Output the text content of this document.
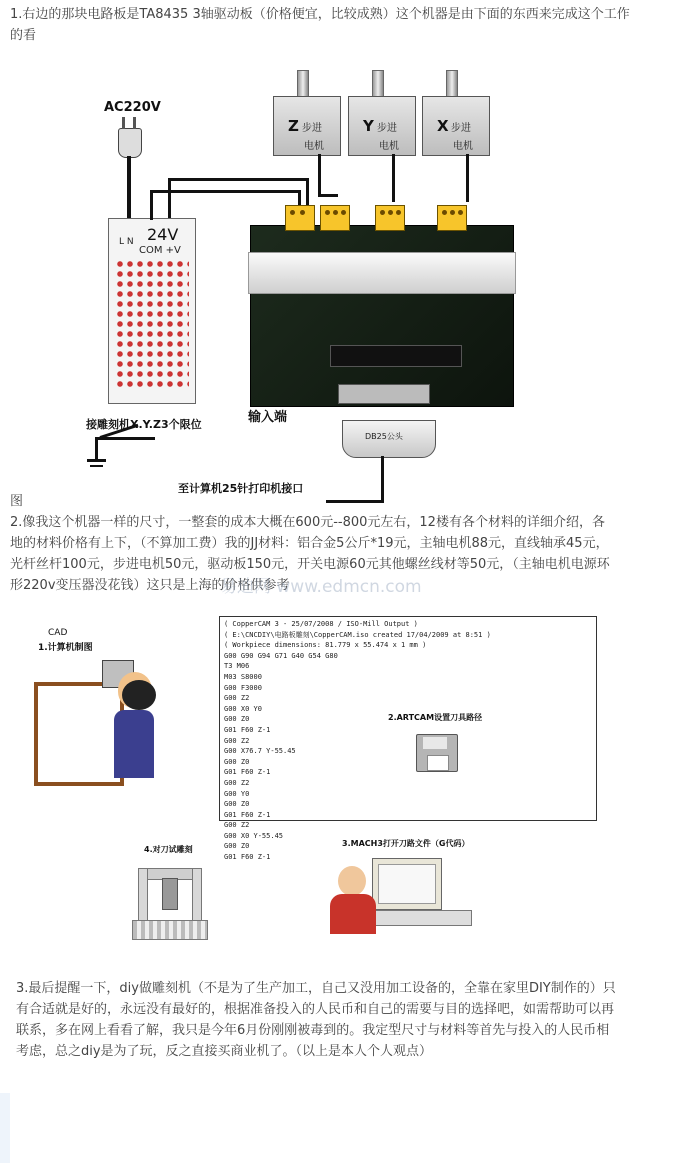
1.右边的那块电路板是TA8435 3轴驱动板（价格便宜，比较成熟）这个机器是由下面的东西来完成这个工作的看
AC220V
L N 24V
COM +V
Z 步进
电机
Y 步进
电机
X 步进
电机
输入端
接雕刻机X.Y.Z3个限位
DB25公头
至计算机25针打印机接口
图
2.像我这个机器一样的尺寸，一整套的成本大概在600元--800元左右，12楼有各个材料的详细介绍，各地的材料价格有上下，（不算加工费）我的JJ材料：铝合金5公斤*19元，主轴电机88元，直线轴承45元，光杆丝杆100元，步进电机50元，驱动板150元，开关电源60元其他螺丝线材等50元，（主轴电机电源环形220v变压器没花钱）这只是上海的价格供参考
易迪网 www.edmcn.com
CAD
1.计算机制图
( CopperCAM 3 - 25/07/2008 / ISO-Mill Output )
( E:\CNCDIY\电路板雕刻\CopperCAM.iso created 17/04/2009 at 8:51 )
( Workpiece dimensions: 81.779 x 55.474 x 1 mm )
G00 G90 G94 G71 G40 G54 G80
T3 M06
M03 S8000
G00 F3000
G00 Z2
G00 X0 Y0
G00 Z0
G01 F60 Z-1
G00 Z2
G00 X76.7 Y-55.45
G00 Z0
G01 F60 Z-1
G00 Z2
G00 Y0
G00 Z0
G01 F60 Z-1
G00 Z2
G00 X0 Y-55.45
G00 Z0
G01 F60 Z-1
2.ARTCAM设置刀具路径
3.MACH3打开刀路文件（G代码）
4.对刀试雕刻
3.最后提醒一下，diy做雕刻机（不是为了生产加工，自己又没用加工设备的，全靠在家里DIY制作的）只有合适就是好的，永远没有最好的，根据准备投入的人民币和自己的需要与目的选择吧，如需帮助可以再联系，多在网上看看了解，我只是今年6月份刚刚被毒到的。我定型尺寸与材料等首先与投入的人民币相考虑，总之diy是为了玩，反之直接买商业机了。（以上是本人个人观点）
